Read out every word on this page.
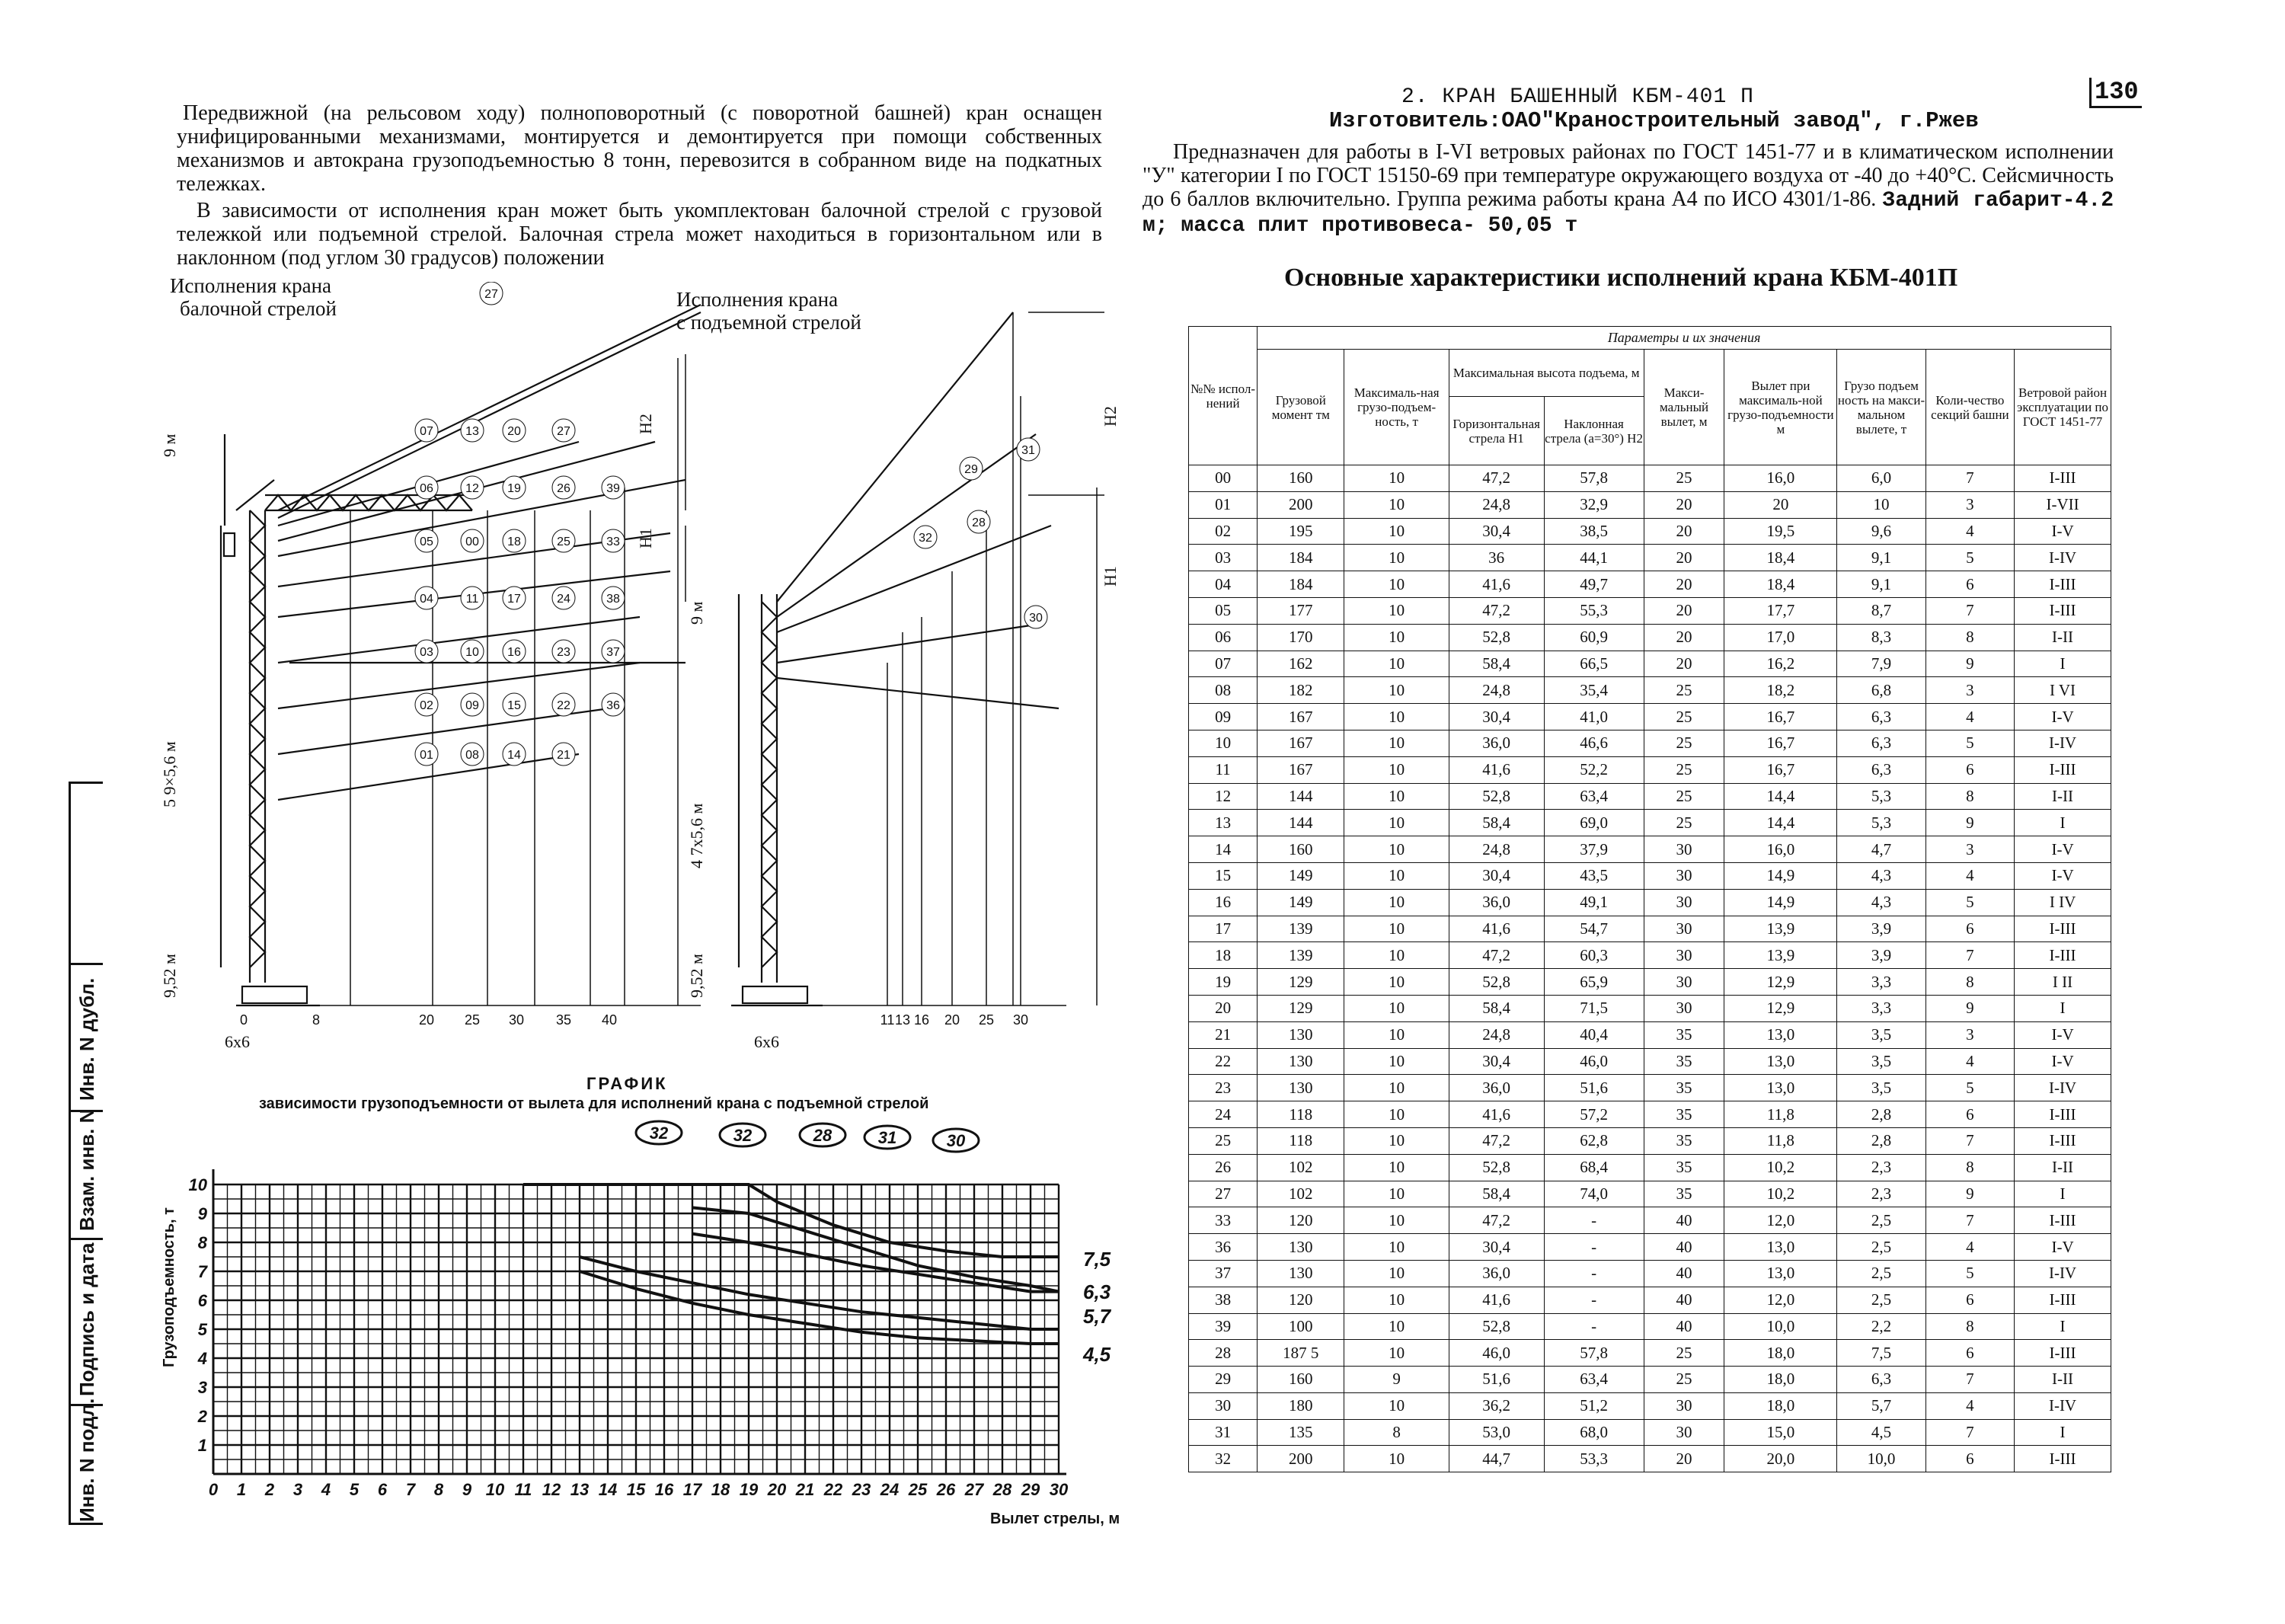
130
2. КРАН БАШЕННЫЙ КБМ-401 П
Изготовитель:ОАО"Краностроительный завод", г.Ржев

Передвижной (на рельсовом ходу) полноповоротный (с поворотной башней) кран оснащен унифицированными механизмами, монтируется и демонтируется при помощи собственных механизмов и автокрана грузоподъемностью 8 тонн, перевозится в собранном виде на подкатных тележках.

В зависимости от исполнения кран может быть укомплектован балочной стрелой с грузовой тележкой или подъемной стрелой. Балочная стрела может находиться в горизонтальном или в наклонном (под углом 30 градусов) положении

Предназначен для работы в I-VI ветровых районах по ГОСТ 1451-77 и в климатическом исполнении "У" категории I по ГОСТ 15150-69 при температуре окружающего воздуха от -40 до +40°С. Сейсмичность до 6 баллов включительно. Группа режима работы крана А4 по ИСО 4301/1-86. Задний габарит-4.2 м; масса плит противовеса- 50,05 т

Инв. N дубл.
Взам. инв. N
Подпись и дата
Инв. N подл.
Исполнения крана
балочной стрелой	Исполнения крана
с подъемной стрелой
07	13 20	27
06	12 19	26	39
05	00 18	25	33
04	11 17	24	38
03	10 16	23	37
02	09 15	22	36
01	08 14	21
27
31
29
28
32
30
9 м
5 9×5,6 м
9,52 м
H2
H1
6х6
9 м
4 7х5,6 м
9,52 м
H2
H1
6х6
0	8	20 25 30 35 40	11 13 16 20 25 30
ГРАФИК
зависимости грузоподъемности от вылета для исполнений крана с подъемной стрелой
0 1 2 3 4 5 6 7 8 9 10 11 12 13 14 15 16 17 18 19 20 21 22 23 24 25 26 27 28 29 30
1
2
3
4
5
6
7
8
9
10
Грузоподъемность, т
Вылет стрелы, м
32	32	28	31	30
7,5
6,3
5,7
4,5
Основные характеристики исполнений крана КБМ-401П
№№ испол-нений	Параметры и их значения								
	Грузовой момент тм	Максималь-ная грузо-подъем-ность, т	Максимальная высота подъема, м		Макси-мальный вылет, м	Вылет при максималь-ной грузо-подъемности м	Грузо подъем ность на макси-мальном вылете, т	Коли-чество секций башни	Ветровой район эксплуатации по ГОСТ 1451-77
			Горизонтальная стрела H1	Наклонная стрела (а=30°) H2					
00	160	10	47,2	57,8	25	16,0	6,0	7	I-III
01	200	10	24,8	32,9	20	20	10	3	I-VII
02	195	10	30,4	38,5	20	19,5	9,6	4	I-V
03	184	10	36	44,1	20	18,4	9,1	5	I-IV
04	184	10	41,6	49,7	20	18,4	9,1	6	I-III
05	177	10	47,2	55,3	20	17,7	8,7	7	I-III
06	170	10	52,8	60,9	20	17,0	8,3	8	I-II
07	162	10	58,4	66,5	20	16,2	7,9	9	I
08	182	10	24,8	35,4	25	18,2	6,8	3	I VI
09	167	10	30,4	41,0	25	16,7	6,3	4	I-V
10	167	10	36,0	46,6	25	16,7	6,3	5	I-IV
11	167	10	41,6	52,2	25	16,7	6,3	6	I-III
12	144	10	52,8	63,4	25	14,4	5,3	8	I-II
13	144	10	58,4	69,0	25	14,4	5,3	9	I
14	160	10	24,8	37,9	30	16,0	4,7	3	I-V
15	149	10	30,4	43,5	30	14,9	4,3	4	I-V
16	149	10	36,0	49,1	30	14,9	4,3	5	I IV
17	139	10	41,6	54,7	30	13,9	3,9	6	I-III
18	139	10	47,2	60,3	30	13,9	3,9	7	I-III
19	129	10	52,8	65,9	30	12,9	3,3	8	I II
20	129	10	58,4	71,5	30	12,9	3,3	9	I
21	130	10	24,8	40,4	35	13,0	3,5	3	I-V
22	130	10	30,4	46,0	35	13,0	3,5	4	I-V
23	130	10	36,0	51,6	35	13,0	3,5	5	I-IV
24	118	10	41,6	57,2	35	11,8	2,8	6	I-III
25	118	10	47,2	62,8	35	11,8	2,8	7	I-III
26	102	10	52,8	68,4	35	10,2	2,3	8	I-II
27	102	10	58,4	74,0	35	10,2	2,3	9	I
33	120	10	47,2	-	40	12,0	2,5	7	I-III
36	130	10	30,4	-	40	13,0	2,5	4	I-V
37	130	10	36,0	-	40	13,0	2,5	5	I-IV
38	120	10	41,6	-	40	12,0	2,5	6	I-III
39	100	10	52,8	-	40	10,0	2,2	8	I
28	187 5	10	46,0	57,8	25	18,0	7,5	6	I-III
29	160	9	51,6	63,4	25	18,0	6,3	7	I-II
30	180	10	36,2	51,2	30	18,0	5,7	4	I-IV
31	135	8	53,0	68,0	30	15,0	4,5	7	I
32	200	10	44,7	53,3	20	20,0	10,0	6	I-III
